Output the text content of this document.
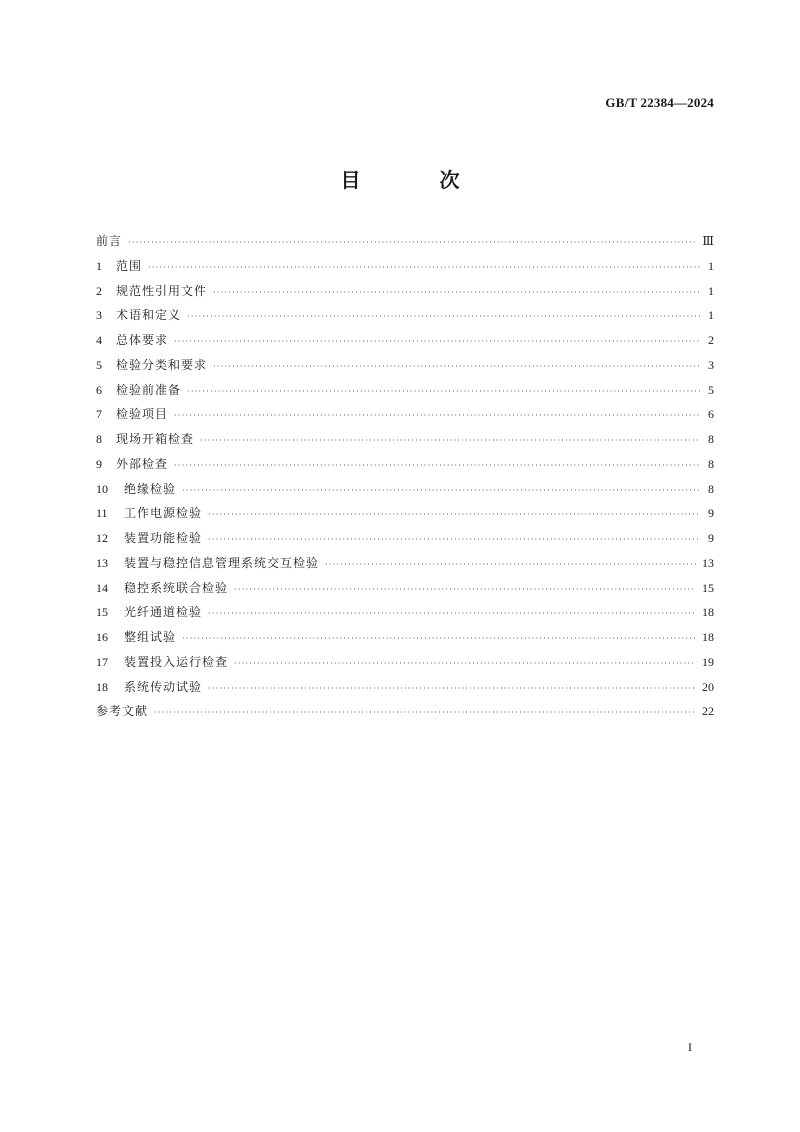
GB/T 22384—2024
目 次
前言 ·····	Ⅲ
1	范围 ·····	1
2	规范性引用文件 ·····	1
3	术语和定义 ·····	1
4	总体要求 ·····	2
5	检验分类和要求 ·····	3
6	检验前准备 ·····	5
7	检验项目 ·····	6
8	现场开箱检查 ·····	8
9	外部检查 ·····	8
10	绝缘检验 ·····	8
11	工作电源检验 ·····	9
12	装置功能检验 ·····	9
13	装置与稳控信息管理系统交互检验 ·····	13
14	稳控系统联合检验 ·····	15
15	光纤通道检验 ·····	18
16	整组试验 ·····	18
17	装置投入运行检查 ·····	19
18	系统传动试验 ·····	20
参考文献 ·····	22
I
